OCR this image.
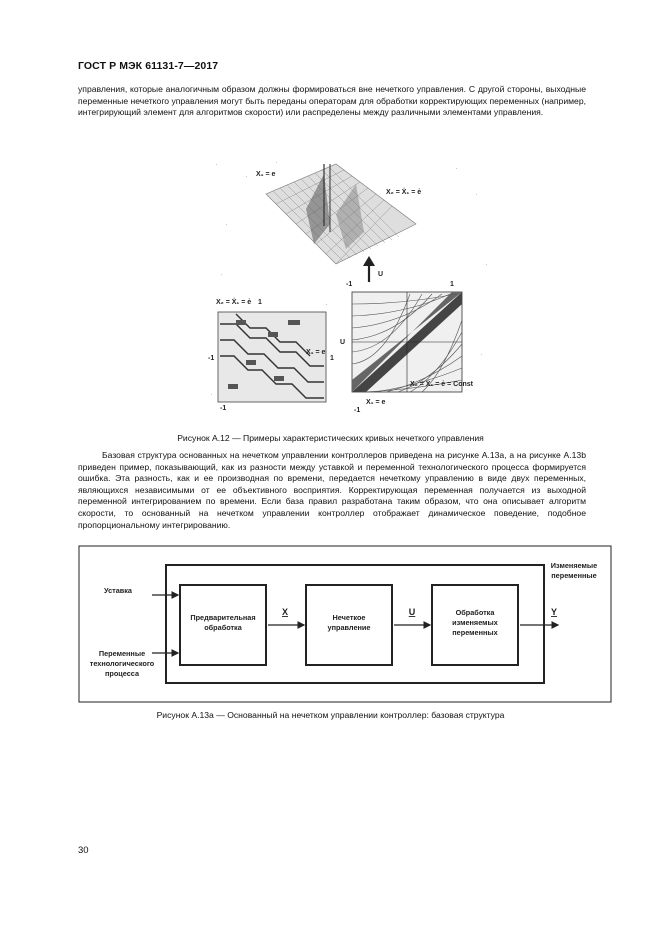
ГОСТ Р МЭК 61131-7—2017
управления, которые аналогичным образом должны формироваться вне нечеткого управления. С другой стороны, выходные переменные нечеткого управления могут быть переданы операторам для обработки корректирующих переменных (например, интегрирующий элемент для алгоритмов скорости) или распределены между различными элементами управления.
X₁ = e
X₂ = Ẋ₁ = ė
U
X₂ = Ẋ₁ = ė 1
-1	1
X₁ = e
-1
1
U
-1
X₂ = Ẋ₁ = ė = Const
X₁ = e
-1
Рисунок А.12 — Примеры характеристических кривых нечеткого управления
Базовая структура основанных на нечетком управлении контроллеров приведена на рисунке А.13а, а на рисунке А.13b приведен пример, показывающий, как из разности между уставкой и переменной технологического процесса формируется ошибка. Эта разность, как и ее производная по времени, передается нечеткому управлению в виде двух переменных, являющихся независимыми от ее объективного восприятия. Корректирующая переменная получается из выходной переменной интегрированием по времени. Если база правил разработана таким образом, что она описывает алгоритм скорости, то основанный на нечетком управлении контроллер отображает динамическое поведение, подобное пропорциональному интегрированию.
Уставка
Переменные
технологического
процесса
Изменяемые
переменные
Предварительная
обработка
Нечеткое
управление
Обработка
изменяемых
переменных
X	U	Y
Рисунок А.13а — Основанный на нечетком управлении контроллер: базовая структура
30
